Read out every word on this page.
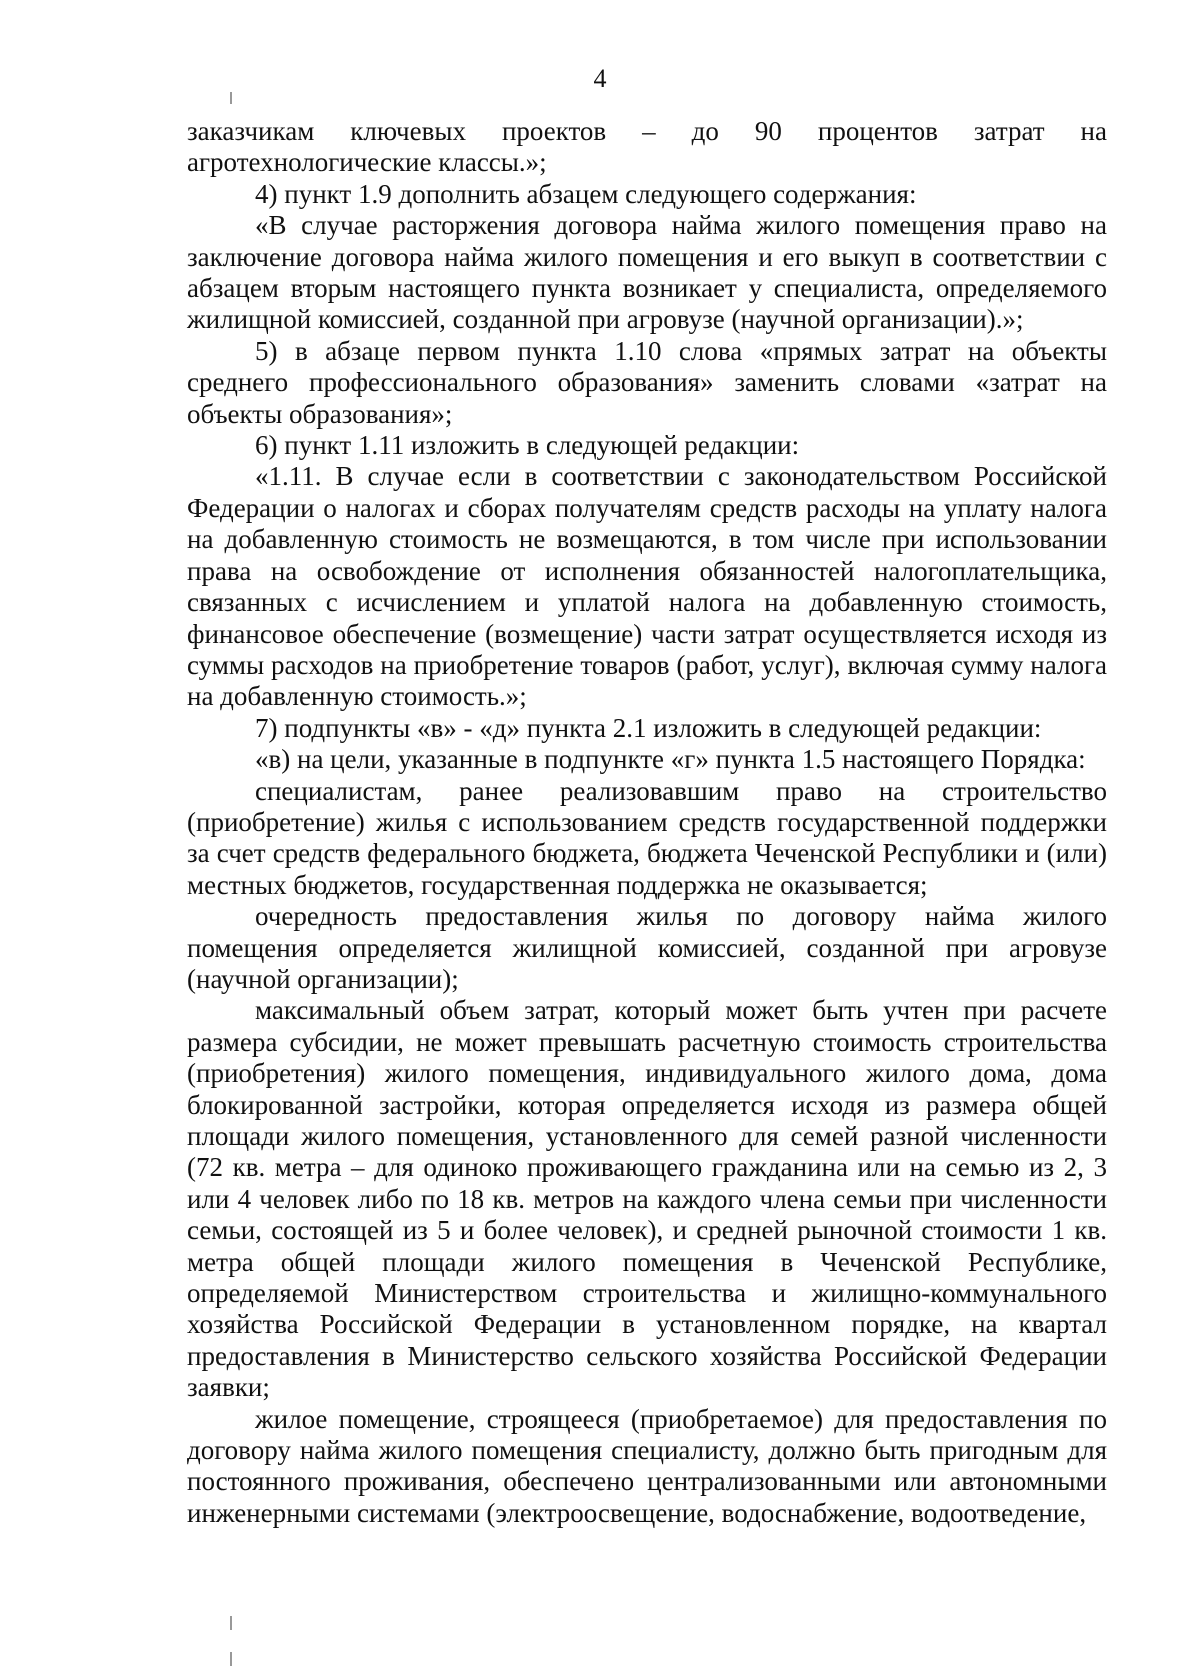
4

заказчикам ключевых проектов – до 90 процентов затрат на агротехнологические классы.»;

4) пункт 1.9 дополнить абзацем следующего содержания:

«В случае расторжения договора найма жилого помещения право на заключение договора найма жилого помещения и его выкуп в соответствии с абзацем вторым настоящего пункта возникает у специалиста, определяемого жилищной комиссией, созданной при агровузе (научной организации).»;

5) в абзаце первом пункта 1.10 слова «прямых затрат на объекты среднего профессионального образования» заменить словами «затрат на объекты образования»;

6) пункт 1.11 изложить в следующей редакции:

«1.11. В случае если в соответствии с законодательством Российской Федерации о налогах и сборах получателям средств расходы на уплату налога на добавленную стоимость не возмещаются, в том числе при использовании права на освобождение от исполнения обязанностей налогоплательщика, связанных с исчислением и уплатой налога на добавленную стоимость, финансовое обеспечение (возмещение) части затрат осуществляется исходя из суммы расходов на приобретение товаров (работ, услуг), включая сумму налога на добавленную стоимость.»;

7) подпункты «в» - «д» пункта 2.1 изложить в следующей редакции:

«в) на цели, указанные в подпункте «г» пункта 1.5 настоящего Порядка:

специалистам, ранее реализовавшим право на строительство (приобретение) жилья с использованием средств государственной поддержки за счет средств федерального бюджета, бюджета Чеченской Республики и (или) местных бюджетов, государственная поддержка не оказывается;

очередность предоставления жилья по договору найма жилого помещения определяется жилищной комиссией, созданной при агровузе (научной организации);

максимальный объем затрат, который может быть учтен при расчете размера субсидии, не может превышать расчетную стоимость строительства (приобретения) жилого помещения, индивидуального жилого дома, дома блокированной застройки, которая определяется исходя из размера общей площади жилого помещения, установленного для семей разной численности (72 кв. метра – для одиноко проживающего гражданина или на семью из 2, 3 или 4 человек либо по 18 кв. метров на каждого члена семьи при численности семьи, состоящей из 5 и более человек), и средней рыночной стоимости 1 кв. метра общей площади жилого помещения в Чеченской Республике, определяемой Министерством строительства и жилищно-коммунального хозяйства Российской Федерации в установленном порядке, на квартал предоставления в Министерство сельского хозяйства Российской Федерации заявки;

жилое помещение, строящееся (приобретаемое) для предоставления по договору найма жилого помещения специалисту, должно быть пригодным для постоянного проживания, обеспечено централизованными или автономными инженерными системами (электроосвещение, водоснабжение, водоотведение,
